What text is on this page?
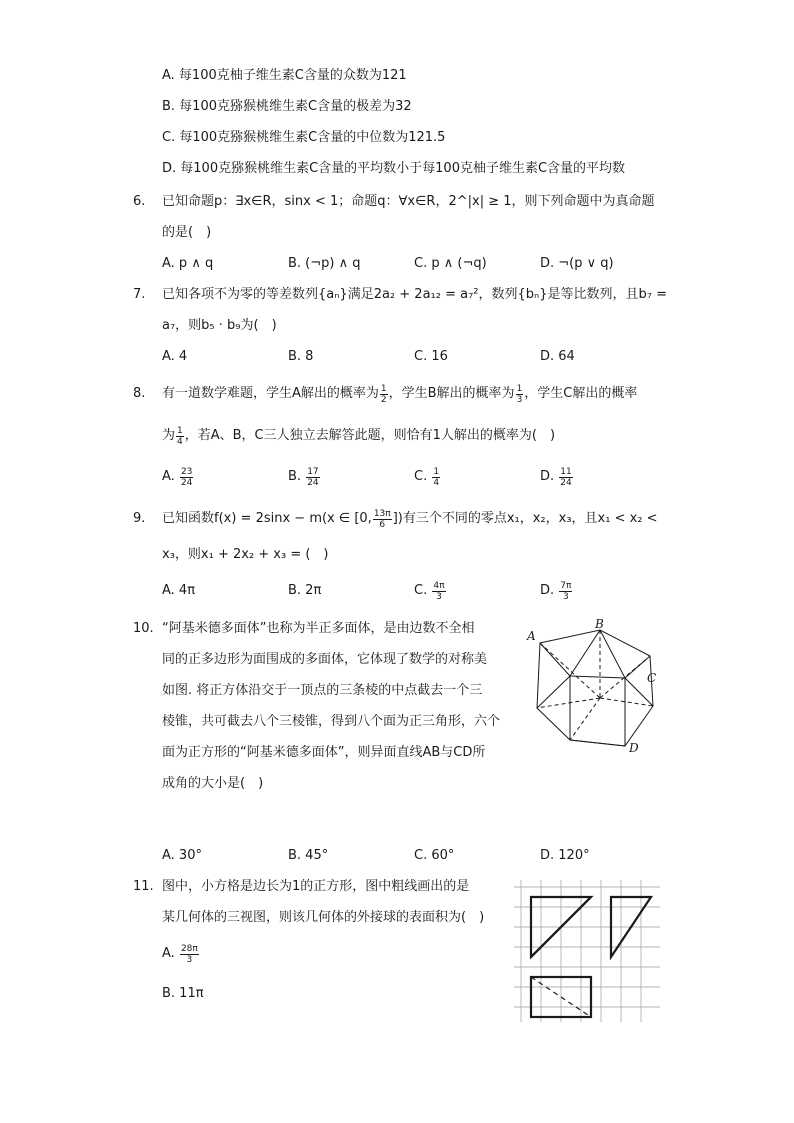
A. 每100克柚子维生素C含量的众数为121
B. 每100克猕猴桃维生素C含量的极差为32
C. 每100克猕猴桃维生素C含量的中位数为121.5
D. 每100克猕猴桃维生素C含量的平均数小于每100克柚子维生素C含量的平均数
6. 已知命题p：∃x∈R，sinx < 1；命题q：∀x∈R，2^|x| ≥ 1，则下列命题中为真命题
的是(　)
A. p ∧ q	B. (¬p) ∧ q	C. p ∧ (¬q)	D. ¬(p ∨ q)
7. 已知各项不为零的等差数列{aₙ}满足2a₂ + 2a₁₂ = a₇²，数列{bₙ}是等比数列，且b₇ =
a₇，则b₅ · b₉为(　)
A. 4	B. 8	C. 16	D. 64
8. 有一道数学难题，学生A解出的概率为 $\frac{1}{2}$ ，学生B解出的概率为 $\frac{1}{3}$ ，学生C解出的概率
为 $\frac{1}{4}$ ，若A、B，C三人独立去解答此题，则恰有1人解出的概率为(　)
A.
$\frac{23}{24}$	B.
$\frac{17}{24}$	C.
$\frac{1}{4}$	D.
$\frac{11}{24}$
9. 已知函数f(x) = 2sinx − m(x ∈ [0, $\frac{13\pi}{6}$ ])有三个不同的零点x₁，x₂，x₃，且x₁ < x₂ <
x₃，则x₁ + 2x₂ + x₃ = (　)
A. 4π	B. 2π	C.
$\frac{4\pi}{3}$	D.
$\frac{7\pi}{3}$
10. “阿基米德多面体”也称为半正多面体，是由边数不全相
同的正多边形为面围成的多面体，它体现了数学的对称美
如图. 将正方体沿交于一顶点的三条棱的中点截去一个三
棱锥，共可截去八个三棱锥，得到八个面为正三角形，六个
面为正方形的“阿基米德多面体”，则异面直线AB与CD所
成角的大小是(　)
A
B
C
D
A. 30°	B. 45°	C. 60°	D. 120°
11. 图中，小方格是边长为1的正方形，图中粗线画出的是
某几何体的三视图，则该几何体的外接球的表面积为(　)
A.
$\frac{28\pi}{3}$
B. 11π
